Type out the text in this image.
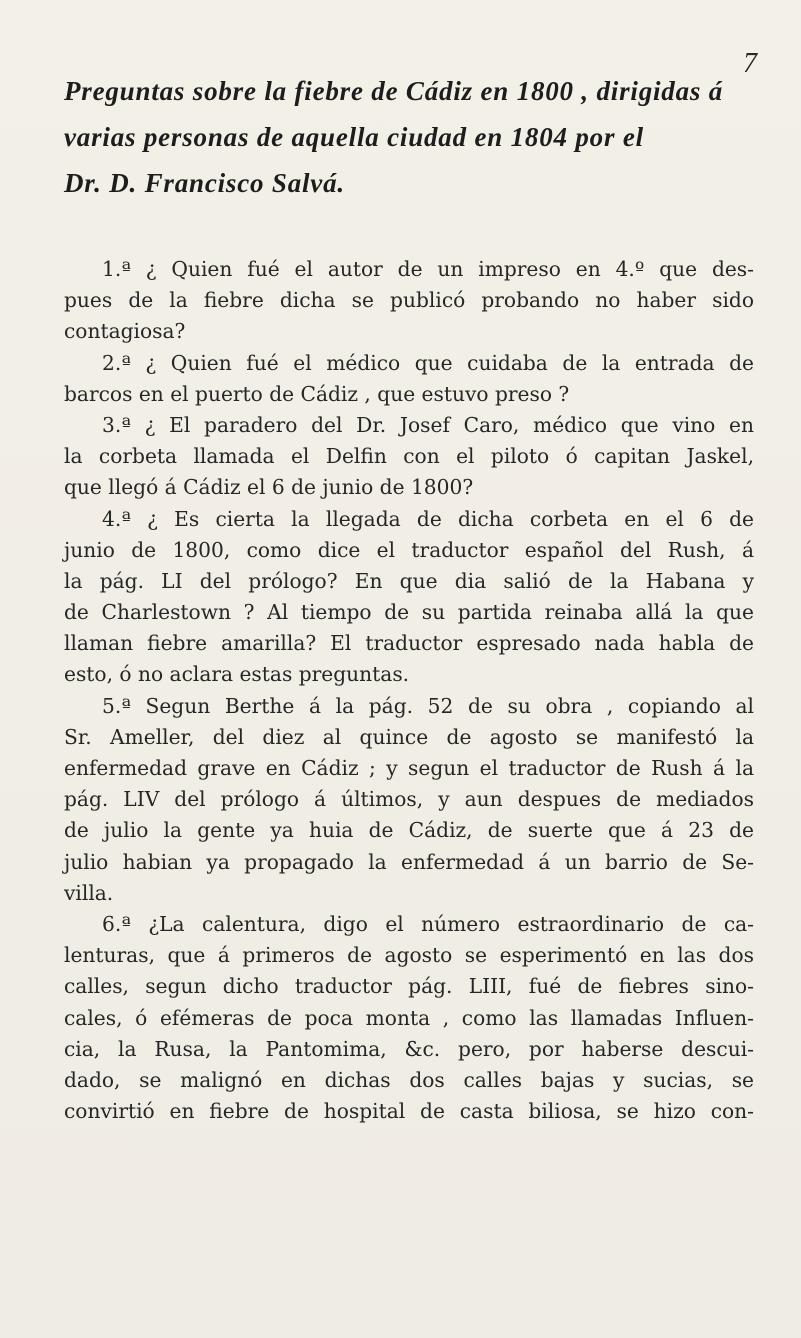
7
Preguntas sobre la fiebre de Cádiz en 1800 , dirigidas á
varias personas de aquella ciudad en 1804 por el
Dr. D. Francisco Salvá.
1.ª ¿ Quien fué el autor de un impreso en 4.º que des-
pues de la fiebre dicha se publicó probando no haber sido
contagiosa?
2.ª ¿ Quien fué el médico que cuidaba de la entrada de
barcos en el puerto de Cádiz , que estuvo preso ?
3.ª ¿ El paradero del Dr. Josef Caro, médico que vino en
la corbeta llamada el Delfin con el piloto ó capitan Jaskel,
que llegó á Cádiz el 6 de junio de 1800?
4.ª ¿ Es cierta la llegada de dicha corbeta en el 6 de
junio de 1800, como dice el traductor español del Rush, á
la pág. LI del prólogo? En que dia salió de la Habana y
de Charlestown ? Al tiempo de su partida reinaba allá la que
llaman fiebre amarilla? El traductor espresado nada habla de
esto, ó no aclara estas preguntas.
5.ª Segun Berthe á la pág. 52 de su obra , copiando al
Sr. Ameller, del diez al quince de agosto se manifestó la
enfermedad grave en Cádiz ; y segun el traductor de Rush á la
pág. LIV del prólogo á últimos, y aun despues de mediados
de julio la gente ya huia de Cádiz, de suerte que á 23 de
julio habian ya propagado la enfermedad á un barrio de Se-
villa.
6.ª ¿La calentura, digo el número estraordinario de ca-
lenturas, que á primeros de agosto se esperimentó en las dos
calles, segun dicho traductor pág. LIII, fué de fiebres sino-
cales, ó efémeras de poca monta , como las llamadas Influen-
cia, la Rusa, la Pantomima, &c. pero, por haberse descui-
dado, se malignó en dichas dos calles bajas y sucias, se
convirtió en fiebre de hospital de casta biliosa, se hizo con-
